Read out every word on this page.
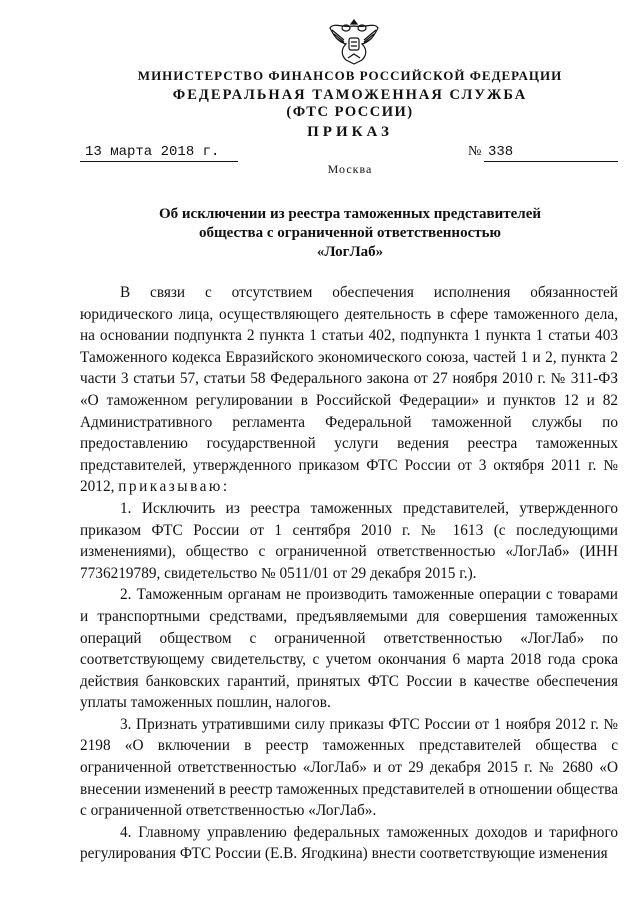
МИНИСТЕРСТВО ФИНАНСОВ РОССИЙСКОЙ ФЕДЕРАЦИИ
ФЕДЕРАЛЬНАЯ ТАМОЖЕННАЯ СЛУЖБА
(ФТС РОССИИ)
ПРИКАЗ
13 марта 2018 г.	№ 338
Москва
Об исключении из реестра таможенных представителей
общества с ограниченной ответственностью
«ЛогЛаб»

В связи с отсутствием обеспечения исполнения обязанностей юридического лица, осуществляющего деятельность в сфере таможенного дела, на основании подпункта 2 пункта 1 статьи 402, подпункта 1 пункта 1 статьи 403 Таможенного кодекса Евразийского экономического союза, частей 1 и 2, пункта 2 части 3 статьи 57, статьи 58 Федерального закона от 27 ноября 2010 г. № 311-ФЗ «О таможенном регулировании в Российской Федерации» и пунктов 12 и 82 Административного регламента Федеральной таможенной службы по предоставлению государственной услуги ведения реестра таможенных представителей, утвержденного приказом ФТС России от 3 октября 2011 г. № 2012, приказываю:

1. Исключить из реестра таможенных представителей, утвержденного приказом ФТС России от 1 сентября 2010 г. № 1613 (с последующими изменениями), общество с ограниченной ответственностью «ЛогЛаб» (ИНН 7736219789, свидетельство № 0511/01 от 29 декабря 2015 г.).

2. Таможенным органам не производить таможенные операции с товарами и транспортными средствами, предъявляемыми для совершения таможенных операций обществом с ограниченной ответственностью «ЛогЛаб» по соответствующему свидетельству, с учетом окончания 6 марта 2018 года срока действия банковских гарантий, принятых ФТС России в качестве обеспечения уплаты таможенных пошлин, налогов.

3. Признать утратившими силу приказы ФТС России от 1 ноября 2012 г. № 2198 «О включении в реестр таможенных представителей общества с ограниченной ответственностью «ЛогЛаб» и от 29 декабря 2015 г. № 2680 «О внесении изменений в реестр таможенных представителей в отношении общества с ограниченной ответственностью «ЛогЛаб».

4. Главному управлению федеральных таможенных доходов и тарифного регулирования ФТС России (Е.В. Ягодкина) внести соответствующие изменения
